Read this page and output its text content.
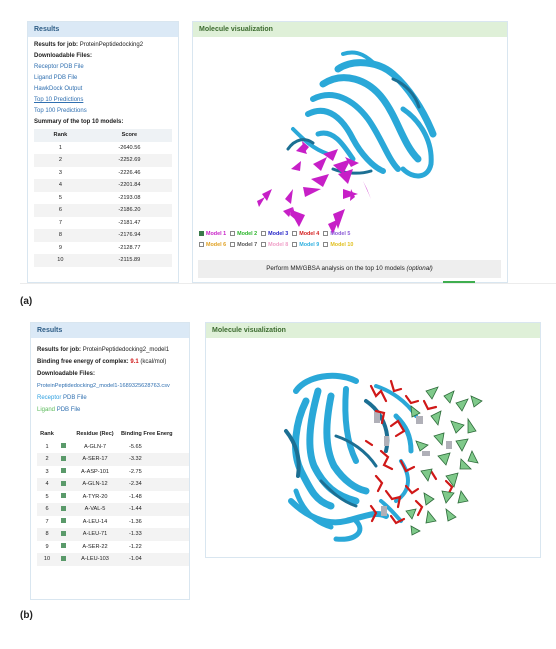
Results
Results for job: ProteinPeptidedocking2
Downloadable Files:
Receptor PDB File
Ligand PDB File
HawkDock Output
Top 10 Predictions
Top 100 Predictions
Summary of the top 10 models:
Rank	Score
1	-2640.56
2	-2252.69
3	-2226.46
4	-2201.84
5	-2193.08
6	-2186.20
7	-2181.47
8	-2176.94
9	-2128.77
10	-2115.89
Molecule visualization
Model 1 Model 2 Model 3 Model 4 Model 5
Model 6 Model 7 Model 8 Model 9 Model 10
Perform MM/GBSA analysis on the top 10 models (optional)
(a)
Results
Results for job: ProteinPeptidedocking2_model1
Binding free energy of complex: 9.1 (kcal/mol)
Downloadable Files:
ProteinPeptidedocking2_model1-1689325628763.csv
Receptor PDB File
Ligand PDB File
Rank		Residue (Rec)	Binding Free Energ
1		A-GLN-7	-5.65
2		A-SER-17	-3.32
3		A-ASP-101	-2.75
4		A-GLN-12	-2.34
5		A-TYR-20	-1.48
6		A-VAL-5	-1.44
7		A-LEU-14	-1.36
8		A-LEU-71	-1.33
9		A-SER-22	-1.22
10		A-LEU-103	-1.04
Molecule visualization
(b)
